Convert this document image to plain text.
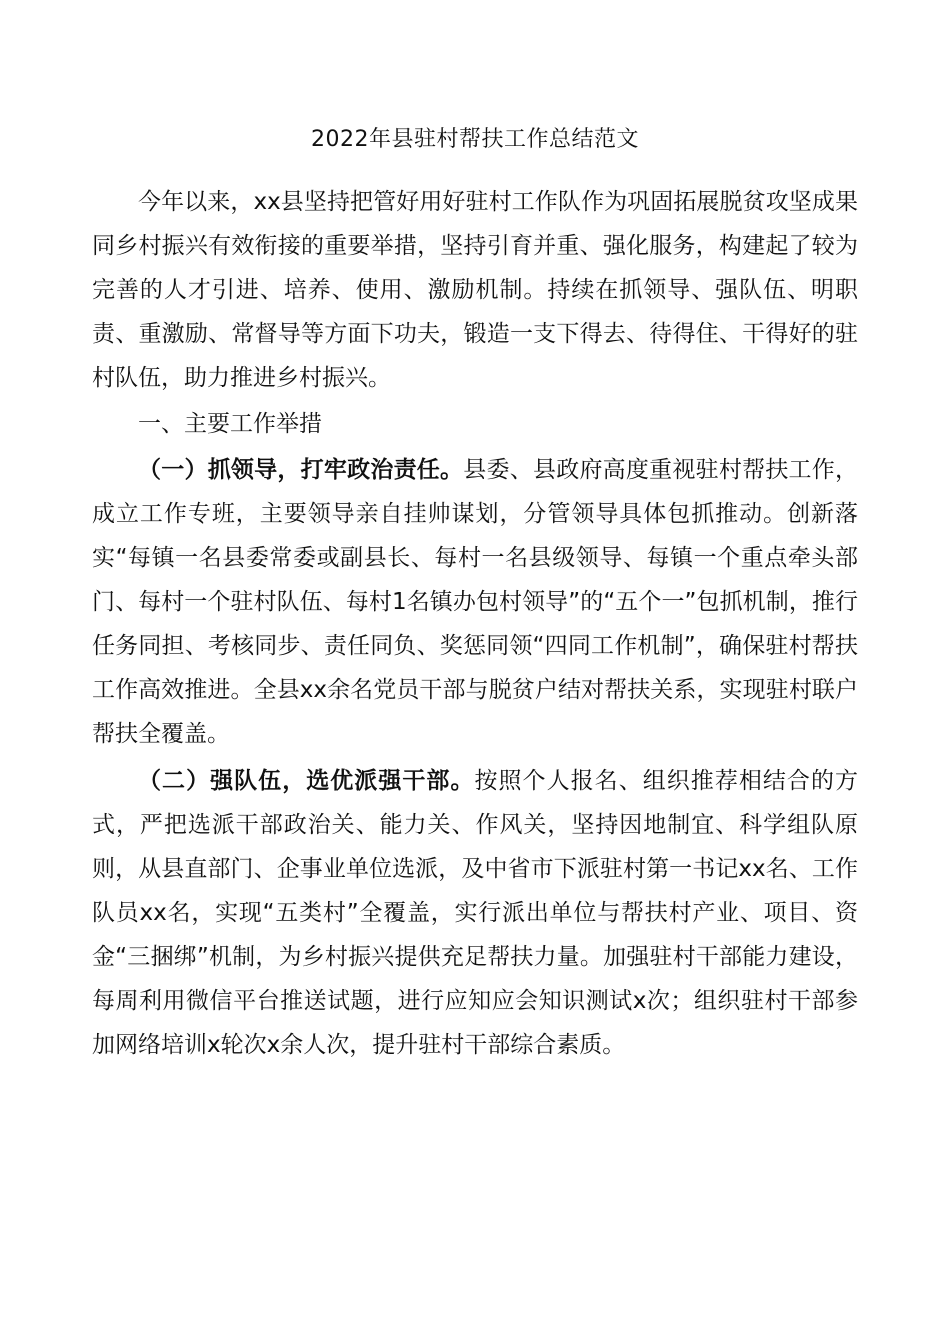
2022年县驻村帮扶工作总结范文

今年以来，xx县坚持把管好用好驻村工作队作为巩固拓展脱贫攻坚成果同乡村振兴有效衔接的重要举措，坚持引育并重、强化服务，构建起了较为完善的人才引进、培养、使用、激励机制。持续在抓领导、强队伍、明职责、重激励、常督导等方面下功夫，锻造一支下得去、待得住、干得好的驻村队伍，助力推进乡村振兴。

一、主要工作举措

（一）抓领导，打牢政治责任。县委、县政府高度重视驻村帮扶工作，成立工作专班，主要领导亲自挂帅谋划，分管领导具体包抓推动。创新落实“每镇一名县委常委或副县长、每村一名县级领导、每镇一个重点牵头部门、每村一个驻村队伍、每村1名镇办包村领导”的“五个一”包抓机制，推行任务同担、考核同步、责任同负、奖惩同领“四同工作机制”，确保驻村帮扶工作高效推进。全县xx余名党员干部与脱贫户结对帮扶关系，实现驻村联户帮扶全覆盖。

（二）强队伍，选优派强干部。按照个人报名、组织推荐相结合的方式，严把选派干部政治关、能力关、作风关，坚持因地制宜、科学组队原则，从县直部门、企事业单位选派，及中省市下派驻村第一书记xx名、工作队员xx名，实现“五类村”全覆盖，实行派出单位与帮扶村产业、项目、资金“三捆绑”机制，为乡村振兴提供充足帮扶力量。加强驻村干部能力建设，每周利用微信平台推送试题，进行应知应会知识测试x次；组织驻村干部参加网络培训x轮次x余人次，提升驻村干部综合素质。
